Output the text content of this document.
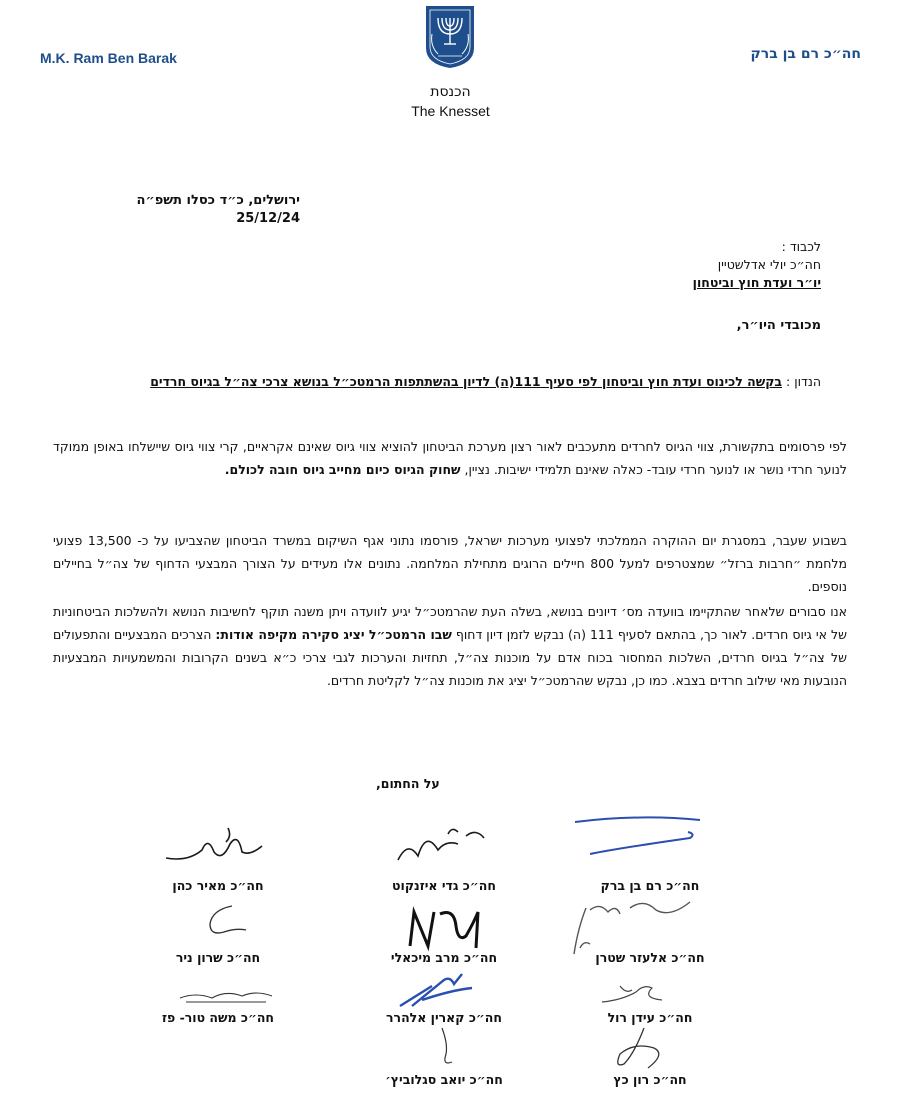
M.K. Ram Ben Barak	חה״כ רם בן ברק
הכנסת
The Knesset
ירושלים, כ״ד כסלו תשפ״ה
25/12/24
לכבוד :
חה״כ יולי אדלשטיין
יו״ר ועדת חוץ וביטחון
מכובדי היו״ר,
הנדון : בקשה לכינוס ועדת חוץ וביטחון לפי סעיף 111(ה) לדיון בהשתתפות הרמטכ״ל בנושא צרכי צה״ל בגיוס חרדים
לפי פרסומים בתקשורת, צווי הגיוס לחרדים מתעכבים לאור רצון מערכת הביטחון להוציא צווי גיוס שאינם אקראיים, קרי צווי גיוס שיישלחו באופן ממוקד לנוער חרדי נושר או לנוער חרדי עובד- כאלה שאינם תלמידי ישיבות. נציין, שחוק הגיוס כיום מחייב גיוס חובה לכולם.
בשבוע שעבר, במסגרת יום ההוקרה הממלכתי לפצועי מערכות ישראל, פורסמו נתוני אגף השיקום במשרד הביטחון שהצביעו על כ- 13,500 פצועי מלחמת ״חרבות ברזל״ שמצטרפים למעל 800 חיילים הרוגים מתחילת המלחמה. נתונים אלו מעידים על הצורך המבצעי הדחוף של צה״ל בחיילים נוספים.
אנו סבורים שלאחר שהתקיימו בוועדה מס׳ דיונים בנושא, בשלה העת שהרמטכ״ל יגיע לוועדה ויתן משנה תוקף לחשיבות הנושא ולהשלכות הביטחוניות של אי גיוס חרדים. לאור כך, בהתאם לסעיף 111 (ה) נבקש לזמן דיון דחוף שבו הרמטכ״ל יציג סקירה מקיפה אודות: הצרכים המבצעיים והתפעולים של צה״ל בגיוס חרדים, השלכות המחסור בכוח אדם על מוכנות צה״ל, תחזיות והערכות לגבי צרכי כ״א בשנים הקרובות והמשמעויות המבצעיות הנובעות מאי שילוב חרדים בצבא. כמו כן, נבקש שהרמטכ״ל יציג את מוכנות צה״ל לקליטת חרדים.
על החתום,
חה״כ רם בן ברק
חה״כ גדי איזנקוט
חה״כ מאיר כהן
חה״כ אלעזר שטרן
חה״כ מרב מיכאלי
חה״כ שרון ניר
חה״כ עידן רול
חה״כ קארין אלהרר
חה״כ משה טור- פז
חה״כ רון כץ
חה״כ יואב סגלוביץ׳
